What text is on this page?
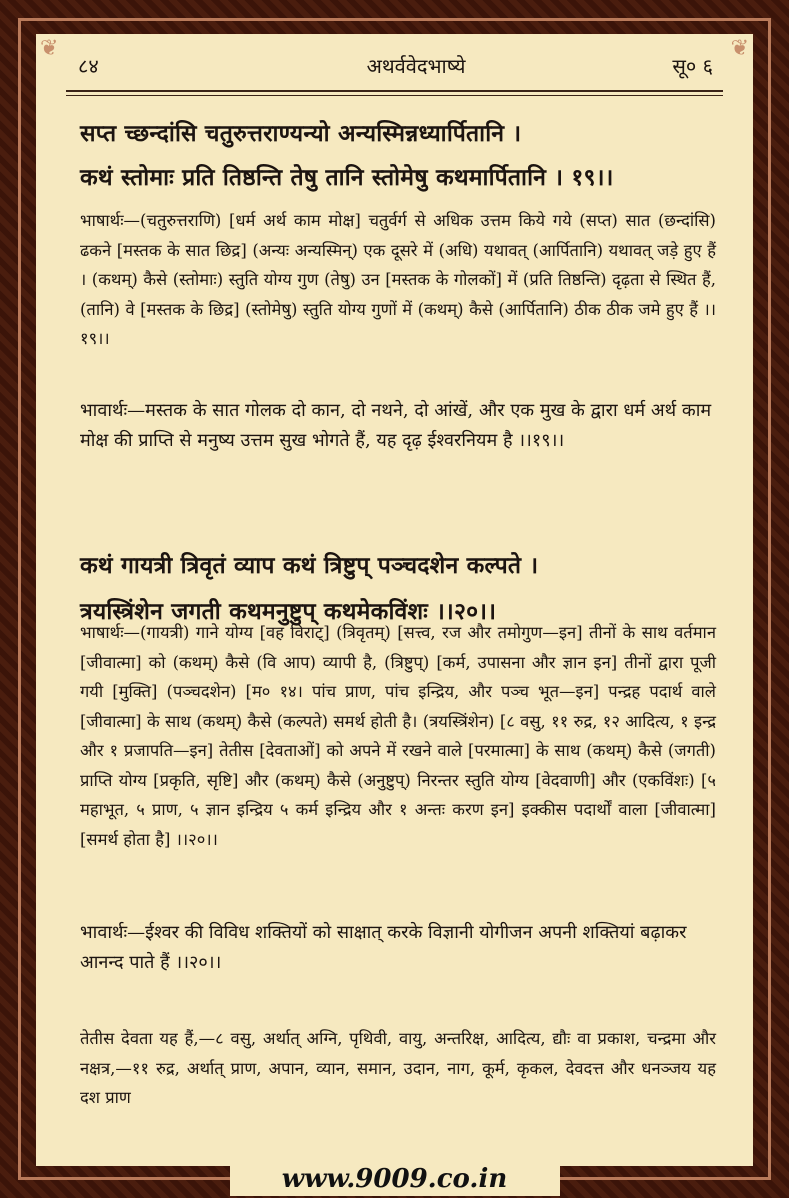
❦	❦
८४	अथर्ववेदभाष्ये	सू० ६
सप्त च्छन्दांसि चतुरुत्तराण्यन्यो अन्यस्मिन्नध्यार्पितानि ।
कथं स्तोमाः प्रति तिष्ठन्ति तेषु तानि स्तोमेषु कथमार्पितानि । १९।।
भाषार्थः—(चतुरुत्तराणि) [धर्म अर्थ काम मोक्ष] चतुर्वर्ग से अधिक उत्तम किये गये (सप्त) सात (छन्दांसि) ढकने [मस्तक के सात छिद्र] (अन्यः अन्यस्मिन्) एक दूसरे में (अधि) यथावत् (आर्पितानि) यथावत् जड़े हुए हैं । (कथम्) कैसे (स्तोमाः) स्तुति योग्य गुण (तेषु) उन [मस्तक के गोलकों] में (प्रति तिष्ठन्ति) दृढ़ता से स्थित हैं, (तानि) वे [मस्तक के छिद्र] (स्तोमेषु) स्तुति योग्य गुणों में (कथम्) कैसे (आर्पितानि) ठीक ठीक जमे हुए हैं ।।१९।।
भावार्थः—मस्तक के सात गोलक दो कान, दो नथने, दो आंखें, और एक मुख के द्वारा धर्म अर्थ काम मोक्ष की प्राप्ति से मनुष्य उत्तम सुख भोगते हैं, यह दृढ़ ईश्वरनियम है ।।१९।।
कथं गायत्री त्रिवृतं व्याप कथं त्रिष्टुप् पञ्चदशेन कल्पते ।
त्रयस्त्रिंशेन जगती कथमनुष्टुप् कथमेकविंशः ।।२०।।
भाषार्थः—(गायत्री) गाने योग्य [वह विराट्] (त्रिवृतम्) [सत्त्व, रज और तमोगुण—इन] तीनों के साथ वर्तमान [जीवात्मा] को (कथम्) कैसे (वि आप) व्यापी है, (त्रिष्टुप्) [कर्म, उपासना और ज्ञान इन] तीनों द्वारा पूजी गयी [मुक्ति] (पञ्चदशेन) [म० १४। पांच प्राण, पांच इन्द्रिय, और पञ्च भूत—इन] पन्द्रह पदार्थ वाले [जीवात्मा] के साथ (कथम्) कैसे (कल्पते) समर्थ होती है। (त्रयस्त्रिंशेन) [८ वसु, ११ रुद्र, १२ आदित्य, १ इन्द्र और १ प्रजापति—इन] तेतीस [देवताओं] को अपने में रखने वाले [परमात्मा] के साथ (कथम्) कैसे (जगती) प्राप्ति योग्य [प्रकृति, सृष्टि] और (कथम्) कैसे (अनुष्टुप्) निरन्तर स्तुति योग्य [वेदवाणी] और (एकविंशः) [५ महाभूत, ५ प्राण, ५ ज्ञान इन्द्रिय ५ कर्म इन्द्रिय और १ अन्तः करण इन] इक्कीस पदार्थों वाला [जीवात्मा] [समर्थ होता है] ।।२०।।
भावार्थः—ईश्वर की विविध शक्तियों को साक्षात् करके विज्ञानी योगीजन अपनी शक्तियां बढ़ाकर आनन्द पाते हैं ।।२०।।
तेतीस देवता यह हैं,—८ वसु, अर्थात् अग्नि, पृथिवी, वायु, अन्तरिक्ष, आदित्य, द्यौः वा प्रकाश, चन्द्रमा और नक्षत्र,—११ रुद्र, अर्थात् प्राण, अपान, व्यान, समान, उदान, नाग, कूर्म, कृकल, देवदत्त और धनञ्जय यह दश प्राण
www.9009.co.in
